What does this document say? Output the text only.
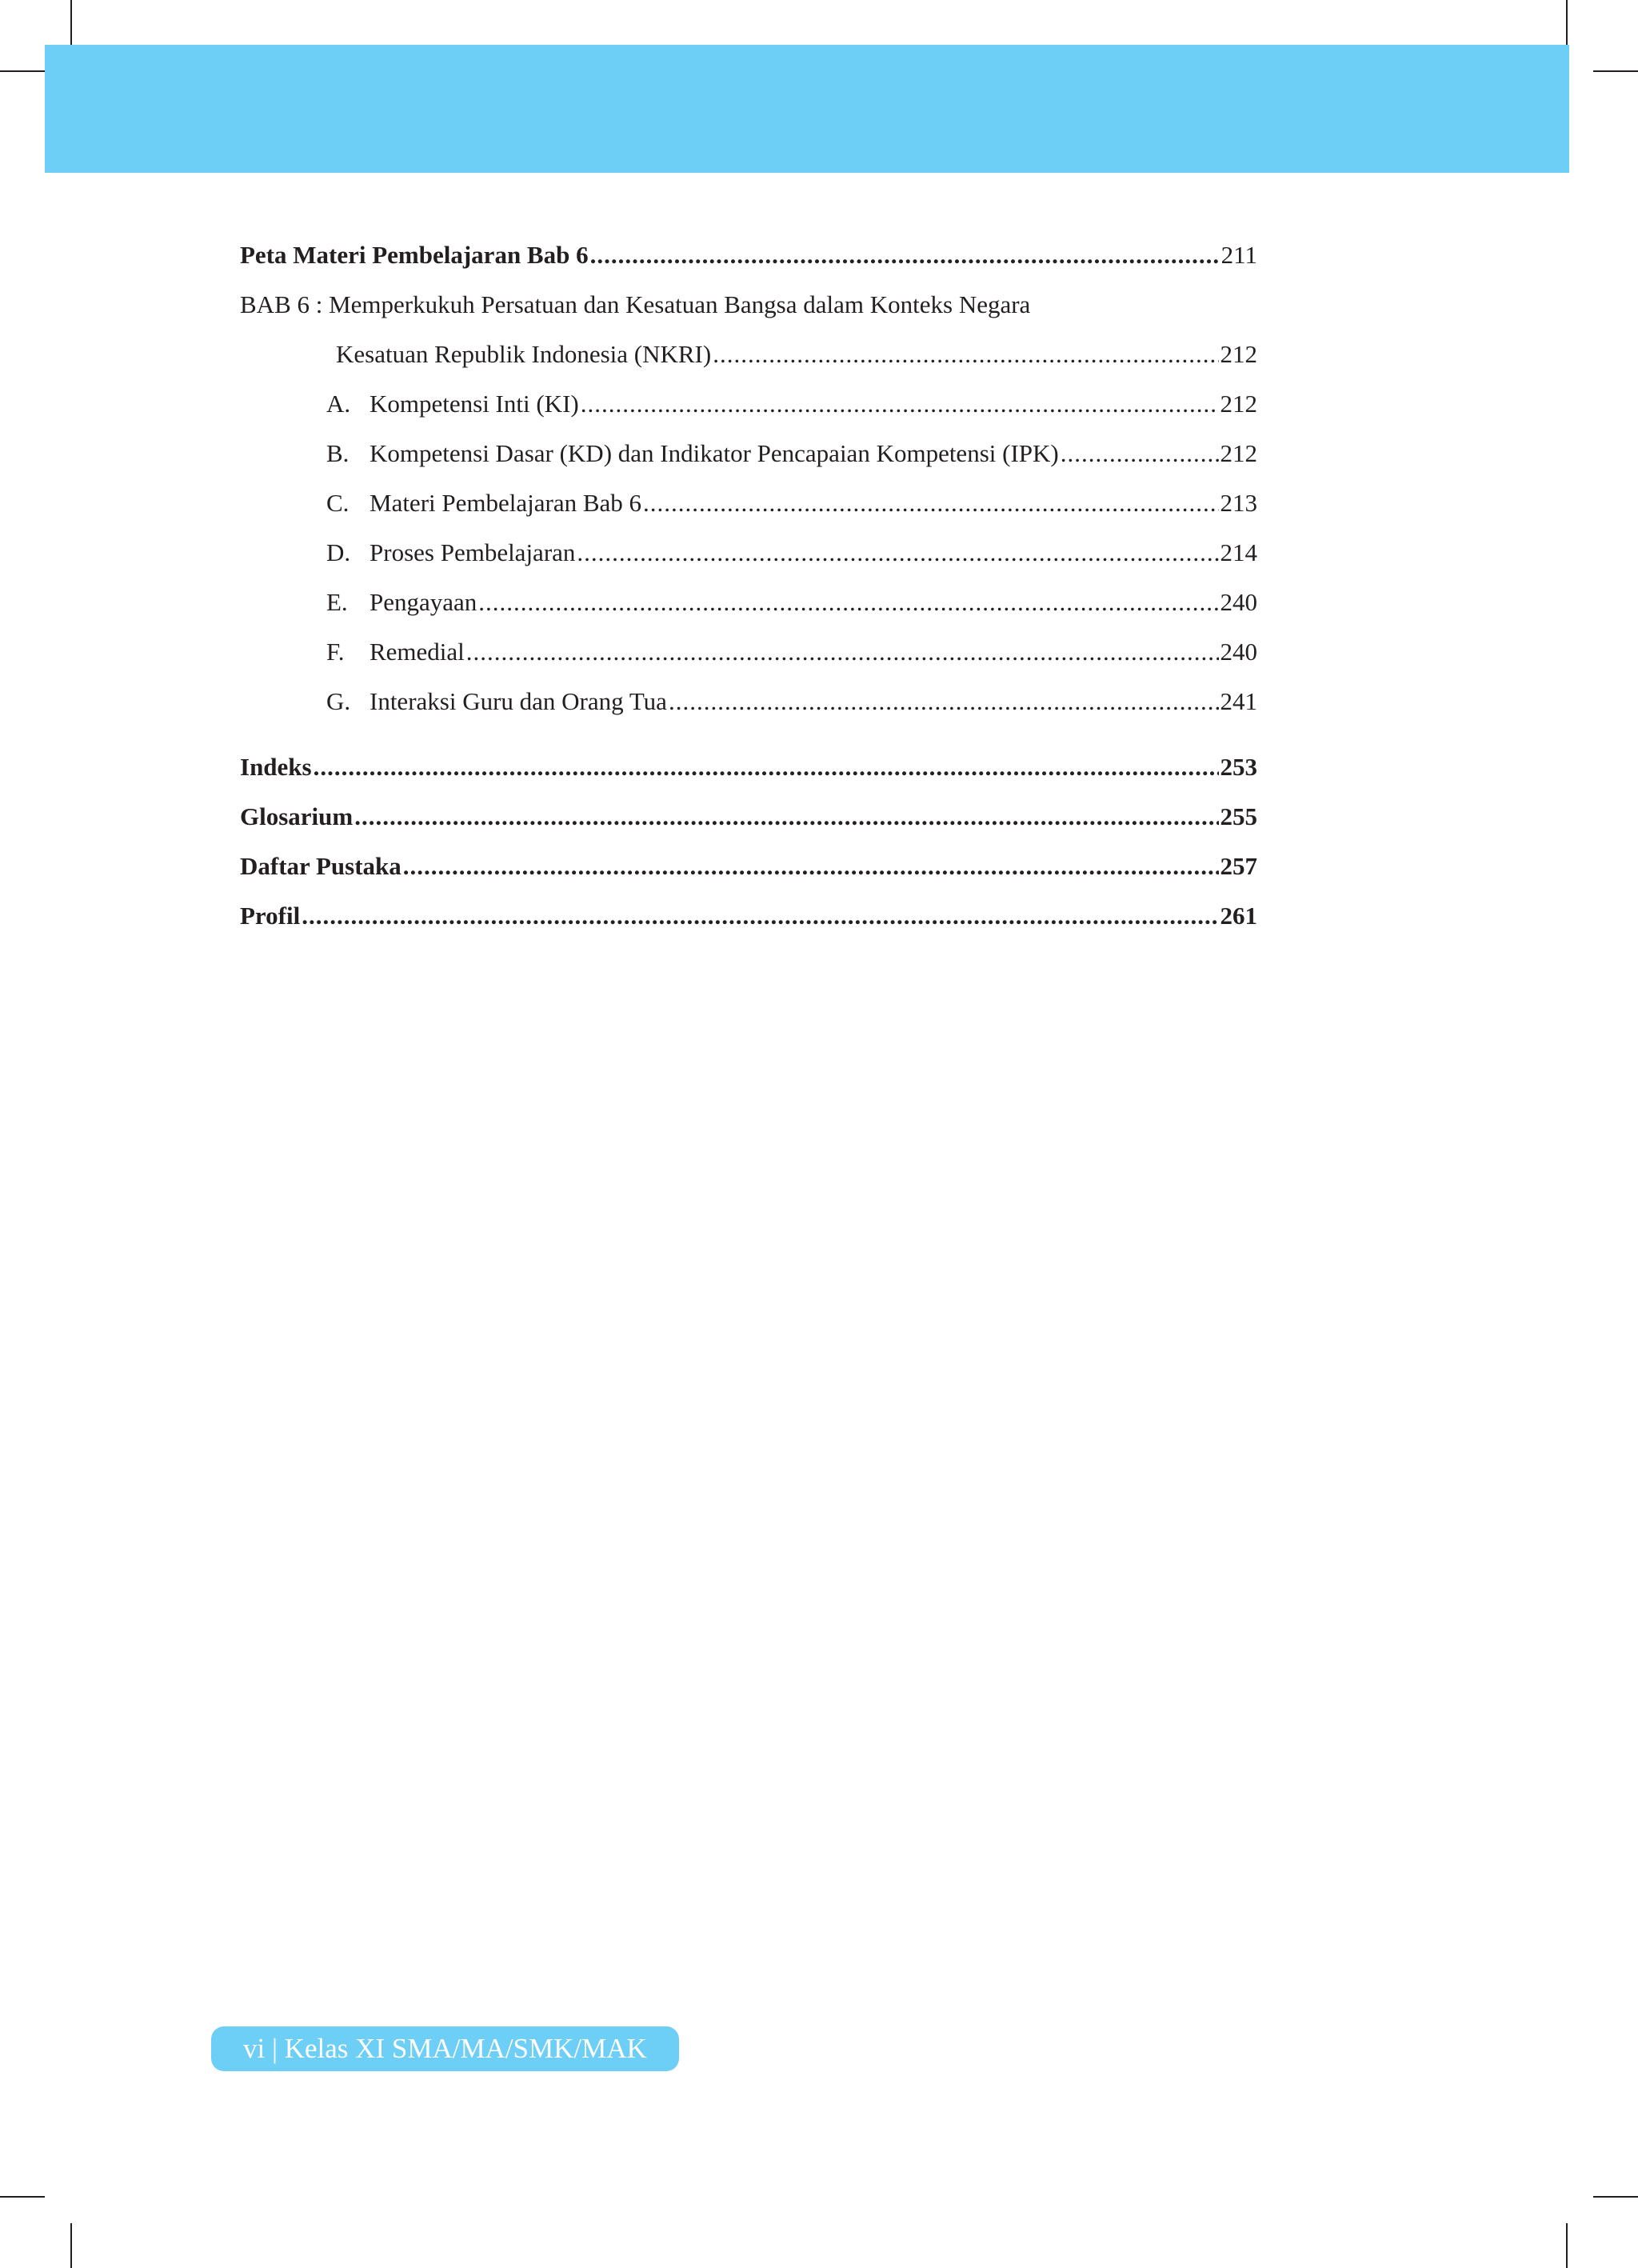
Peta Materi Pembelajaran Bab 6 .....	211
BAB 6 : Memperkukuh Persatuan dan Kesatuan Bangsa dalam Konteks Negara
Kesatuan Republik Indonesia (NKRI) .....	212
A. Kompetensi Inti (KI) .....	212
B. Kompetensi Dasar (KD) dan Indikator Pencapaian Kompetensi (IPK) .....	212
C. Materi Pembelajaran Bab 6 .....	213
D. Proses Pembelajaran .....	214
E. Pengayaan .....	240
F.	Remedial .....	240
G. Interaksi Guru dan Orang Tua .....	241
Indeks .....	253
Glosarium .....	255
Daftar Pustaka .....	257
Profil .....	261
vi | Kelas XI SMA/MA/SMK/MAK
